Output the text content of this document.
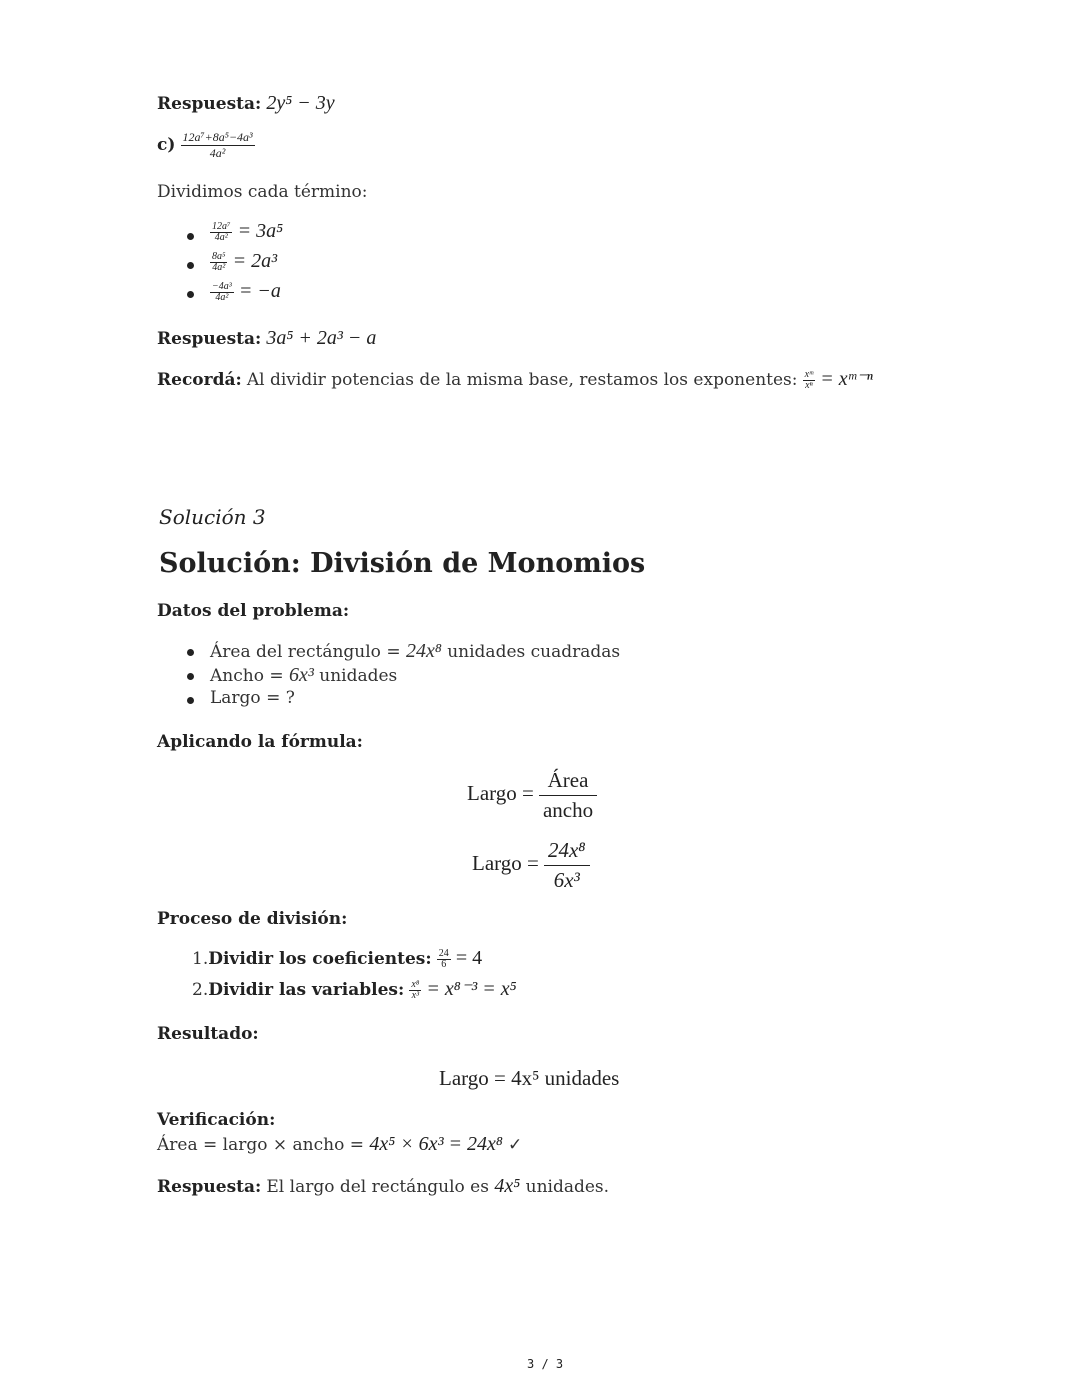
Respuesta: 2y⁵ − 3y
$c) \frac{\text{12a⁷+8a⁵−4a³}}{\text{4a²}}$
Dividimos cada término:
$\frac{\text{12a⁷}}{\text{4a²}} = 3a^5$
$\frac{\text{8a⁵}}{\text{4a²}} = 2a^3$
$\frac{\text{−4a³}}{\text{4a²}} = -a$
Respuesta: 3a⁵ + 2a³ − a
Recordá: Al dividir potencias de la misma base, restamos los exponentes: $\frac{\text{xᵐ}}{\text{xⁿ}}$ = xᵐ⁻ⁿ
Solución 3
Solución: División de Monomios
Datos del problema:
Área del rectángulo = 24x⁸ unidades cuadradas
Ancho = 6x³ unidades
Largo = ?
Aplicando la fórmula:
Largo = $\frac{\text{Área}}{\text{ancho}}$
Largo = $\frac{\text{24x⁸}}{\text{6x³}}$
Proceso de división:
1.Dividir los coeficientes: $\frac{24}{6} = 4$
2.Dividir las variables: $\frac{\text{x⁸}}{\text{x³}} = x^{8-3} = x^5$
Resultado:
Largo = 4x⁵ unidades
Verificación:
Área = largo × ancho = 4x⁵ × 6x³ = 24x⁸ ✓
Respuesta: El largo del rectángulo es 4x⁵ unidades.
3 / 3
